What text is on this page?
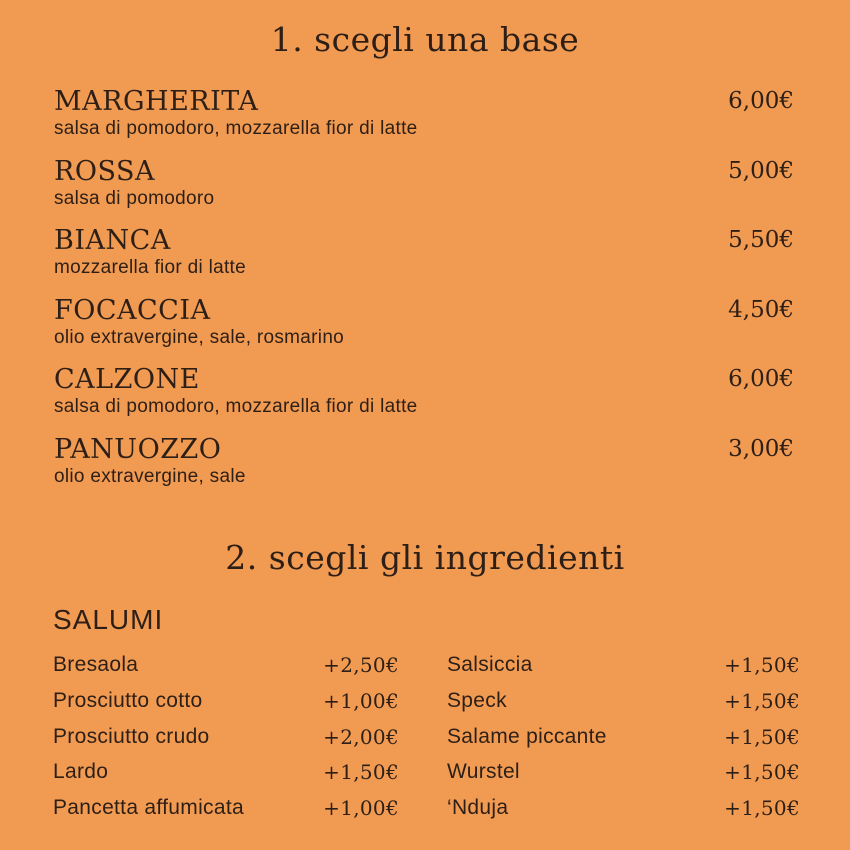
1. scegli una base
MARGHERITA
salsa di pomodoro, mozzarella fior di latte
6,00€
ROSSA
salsa di pomodoro
5,00€
BIANCA
mozzarella fior di latte
5,50€
FOCACCIA
olio extravergine, sale, rosmarino
4,50€
CALZONE
salsa di pomodoro, mozzarella fior di latte
6,00€
PANUOZZO
olio extravergine, sale
3,00€
2. scegli gli ingredienti
SALUMI
Bresaola	+2,50€
Prosciutto cotto	+1,00€
Prosciutto crudo	+2,00€
Lardo	+1,50€
Pancetta affumicata	+1,00€
Salsiccia	+1,50€
Speck	+1,50€
Salame piccante	+1,50€
Wurstel	+1,50€
‘Nduja	+1,50€
